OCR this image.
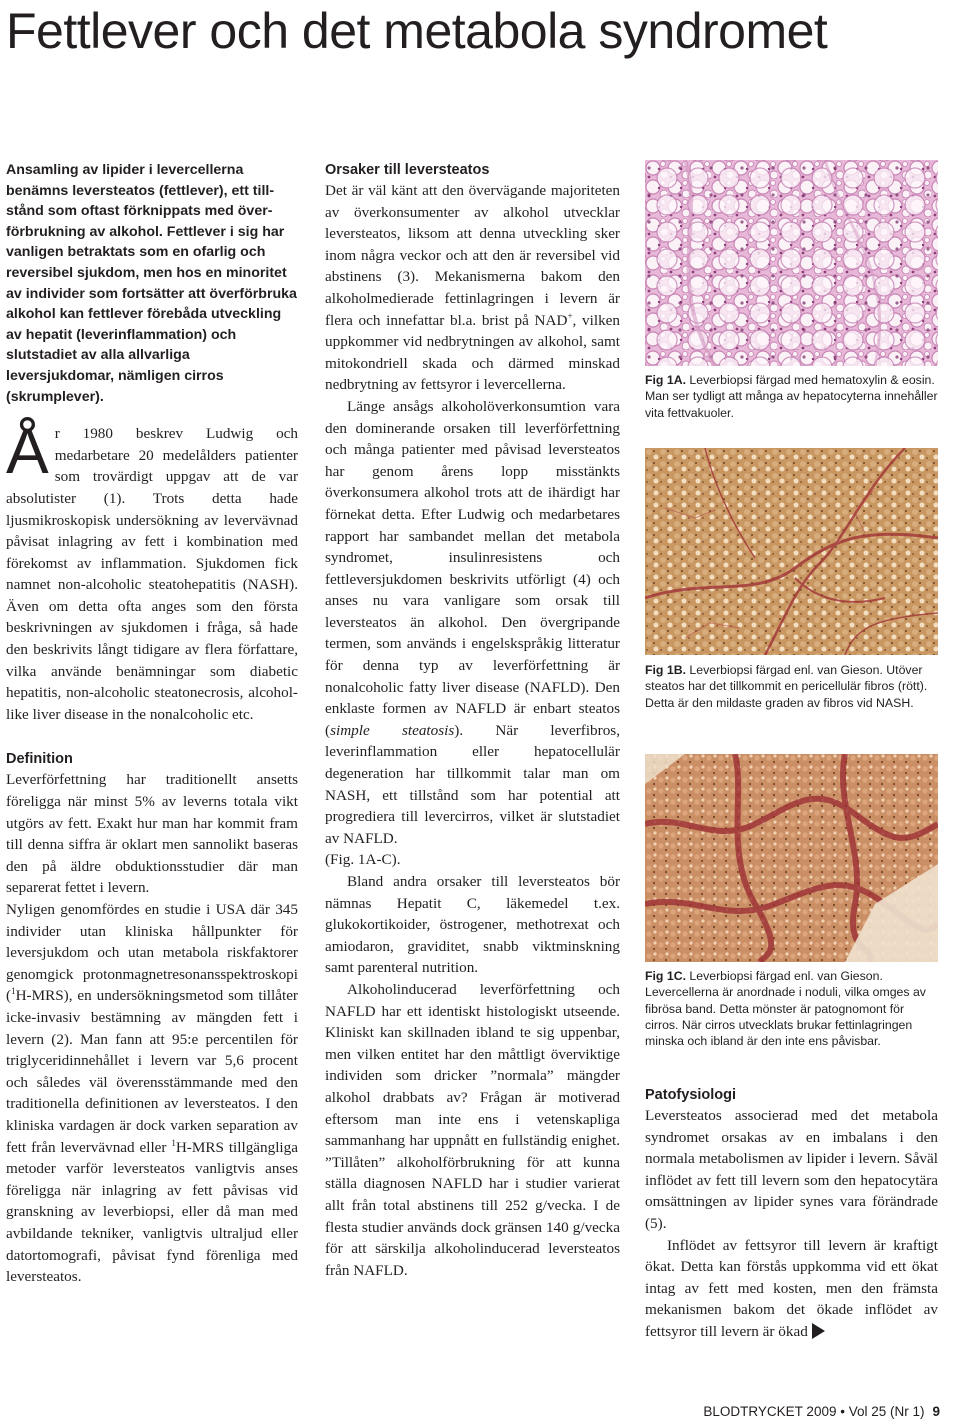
Fettlever och det metabola syndromet

Ansamling av lipider i levercellerna benämns leversteatos (fettlever), ett tillstånd som oftast förknippats med överförbrukning av alkohol. Fettlever i sig har vanligen betraktats som en ofarlig och reversibel sjukdom, men hos en minoritet av individer som fortsätter att överförbruka alkohol kan fettlever förebåda utveckling av hepatit (leverinflammation) och slutstadiet av alla allvarliga leversjukdomar, nämligen cirros (skrumplever).

År 1980 beskrev Ludwig och medarbetare 20 medelålders patienter som trovärdigt uppgav att de var absolutister (1). Trots detta hade ljusmikroskopisk undersökning av levervävnad påvisat inlagring av fett i kombination med förekomst av inflammation. Sjukdomen fick namnet non-alcoholic steatohepatitis (NASH). Även om detta ofta anges som den första beskrivningen av sjukdomen i fråga, så hade den beskrivits långt tidigare av flera författare, vilka använde benämningar som diabetic hepatitis, non-alcoholic steatonecrosis, alcohol-like liver disease in the nonalcoholic etc.

Definition

Leverförfettning har traditionellt ansetts föreligga när minst 5% av leverns totala vikt utgörs av fett. Exakt hur man har kommit fram till denna siffra är oklart men sannolikt baseras den på äldre obduktionsstudier där man separerat fettet i levern.

Nyligen genomfördes en studie i USA där 345 individer utan kliniska hållpunkter för leversjukdom och utan metabola riskfaktorer genomgick protonmagnetresonansspektroskopi ($^1$H-MRS), en undersökningsmetod som tillåter icke-invasiv bestämning av mängden fett i levern (2). Man fann att 95:e percentilen för triglyceridinnehållet i levern var 5,6 procent och således väl överensstämmande med den traditionella definitionen av leversteatos. I den kliniska vardagen är dock varken separation av fett från levervävnad eller $^1$H-MRS tillgängliga metoder varför leversteatos vanligtvis anses föreligga när inlagring av fett påvisas vid granskning av leverbiopsi, eller då man med avbildande tekniker, vanligtvis ultraljud eller datortomografi, påvisat fynd förenliga med leversteatos.

Orsaker till leversteatos

Det är väl känt att den övervägande majoriteten av överkonsumenter av alkohol utvecklar leversteatos, liksom att denna utveckling sker inom några veckor och att den är reversibel vid abstinens (3). Mekanismerna bakom den alkoholmedierade fettinlagringen i levern är flera och innefattar bl.a. brist på NAD+, vilken uppkommer vid nedbrytningen av alkohol, samt mitokondriell skada och därmed minskad nedbrytning av fettsyror i levercellerna.

Länge ansågs alkoholöverkonsumtion vara den dominerande orsaken till leverförfettning och många patienter med påvisad leversteatos har genom årens lopp misstänkts överkonsumera alkohol trots att de ihärdigt har förnekat detta. Efter Ludwig och medarbetares rapport har sambandet mellan det metabola syndromet, insulinresistens och fettleversjukdomen beskrivits utförligt (4) och anses nu vara vanligare som orsak till leversteatos än alkohol. Den övergripande termen, som används i engelskspråkig litteratur för denna typ av leverförfettning är nonalcoholic fatty liver disease (NAFLD). Den enklaste formen av NAFLD är enbart steatos (simple steatosis). När leverfibros, leverinflammation eller hepatocellulär degeneration har tillkommit talar man om NASH, ett tillstånd som har potential att progrediera till levercirros, vilket är slutstadiet av NAFLD.
(Fig. 1A-C).

Bland andra orsaker till leversteatos bör nämnas Hepatit C, läkemedel t.ex. glukokortikoider, östrogener, methotrexat och amiodaron, graviditet, snabb viktminskning samt parenteral nutrition.

Alkoholinducerad leverförfettning och NAFLD har ett identiskt histologiskt utseende. Kliniskt kan skillnaden ibland te sig uppenbar, men vilken entitet har den måttligt överviktige individen som dricker ”normala” mängder alkohol drabbats av? Frågan är motiverad eftersom man inte ens i vetenskapliga sammanhang har uppnått en fullständig enighet. ”Tillåten” alkoholförbrukning för att kunna ställa diagnosen NAFLD har i studier varierat allt från total abstinens till 252 g/vecka. I de flesta studier används dock gränsen 140 g/vecka för att särskilja alkoholinducerad leversteatos från NAFLD.

Fig 1A. Leverbiopsi färgad med hematoxylin & eosin. Man ser tydligt att många av hepatocyterna innehåller vita fettvakuoler.
Fig 1B. Leverbiopsi färgad enl. van Gieson. Utöver steatos har det tillkommit en pericellulär fibros (rött). Detta är den mildaste graden av fibros vid NASH.
Fig 1C. Leverbiopsi färgad enl. van Gieson. Levercellerna är anordnade i noduli, vilka omges av fibrösa band. Detta mönster är patognomont för cirros. När cirros utvecklats brukar fettinlagringen minska och ibland är den inte ens påvisbar.

Patofysiologi

Leversteatos associerad med det metabola syndromet orsakas av en imbalans i den normala metabolismen av lipider i levern. Såväl inflödet av fett till levern som den hepatocytära omsättningen av lipider synes vara förändrade (5).

Inflödet av fettsyror till levern är kraftigt ökat. Detta kan förstås uppkomma vid ett ökat intag av fett med kosten, men den främsta mekanismen bakom det ökade inflödet av fettsyror till levern är ökad

BLODTRYCKET 2009 • Vol 25 (Nr 1) 9
